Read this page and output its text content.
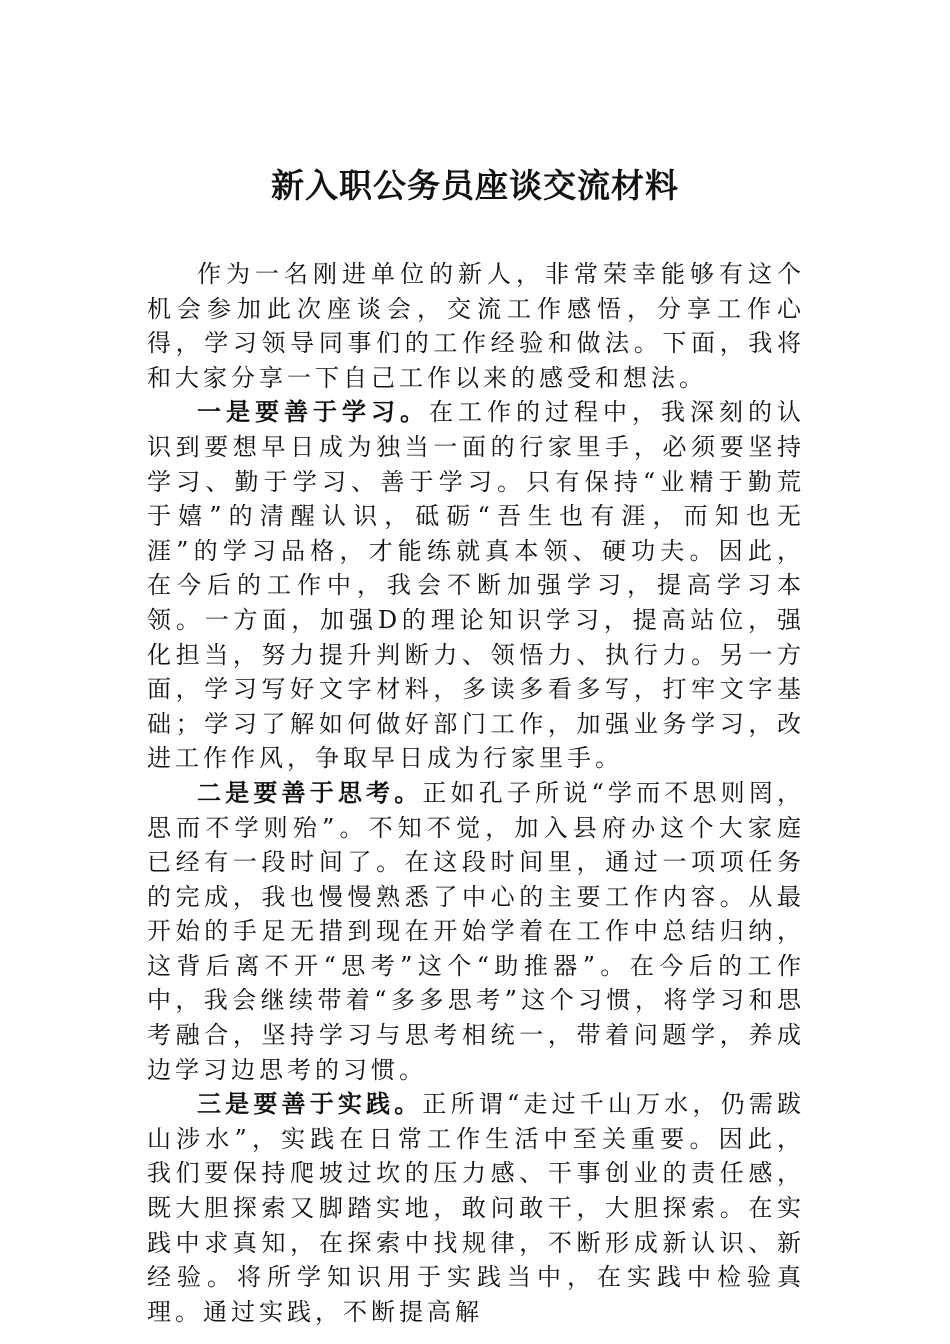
新入职公务员座谈交流材料

作为一名刚进单位的新人，非常荣幸能够有这个机会参加此次座谈会，交流工作感悟，分享工作心得，学习领导同事们的工作经验和做法。下面，我将和大家分享一下自己工作以来的感受和想法。

一是要善于学习。在工作的过程中，我深刻的认识到要想早日成为独当一面的行家里手，必须要坚持学习、勤于学习、善于学习。只有保持“业精于勤荒于嬉”的清醒认识，砥砺“吾生也有涯，而知也无涯”的学习品格，才能练就真本领、硬功夫。因此，在今后的工作中，我会不断加强学习，提高学习本领。一方面，加强D的理论知识学习，提高站位，强化担当，努力提升判断力、领悟力、执行力。另一方面，学习写好文字材料，多读多看多写，打牢文字基础；学习了解如何做好部门工作，加强业务学习，改进工作作风，争取早日成为行家里手。

二是要善于思考。正如孔子所说“学而不思则罔，思而不学则殆”。不知不觉，加入县府办这个大家庭已经有一段时间了。在这段时间里，通过一项项任务的完成，我也慢慢熟悉了中心的主要工作内容。从最开始的手足无措到现在开始学着在工作中总结归纳，这背后离不开“思考”这个“助推器”。在今后的工作中，我会继续带着“多多思考”这个习惯，将学习和思考融合，坚持学习与思考相统一，带着问题学，养成边学习边思考的习惯。

三是要善于实践。正所谓“走过千山万水，仍需跋山涉水”，实践在日常工作生活中至关重要。因此，我们要保持爬坡过坎的压力感、干事创业的责任感，既大胆探索又脚踏实地，敢问敢干，大胆探索。在实践中求真知，在探索中找规律，不断形成新认识、新经验。将所学知识用于实践当中，在实践中检验真理。通过实践，不断提高解
